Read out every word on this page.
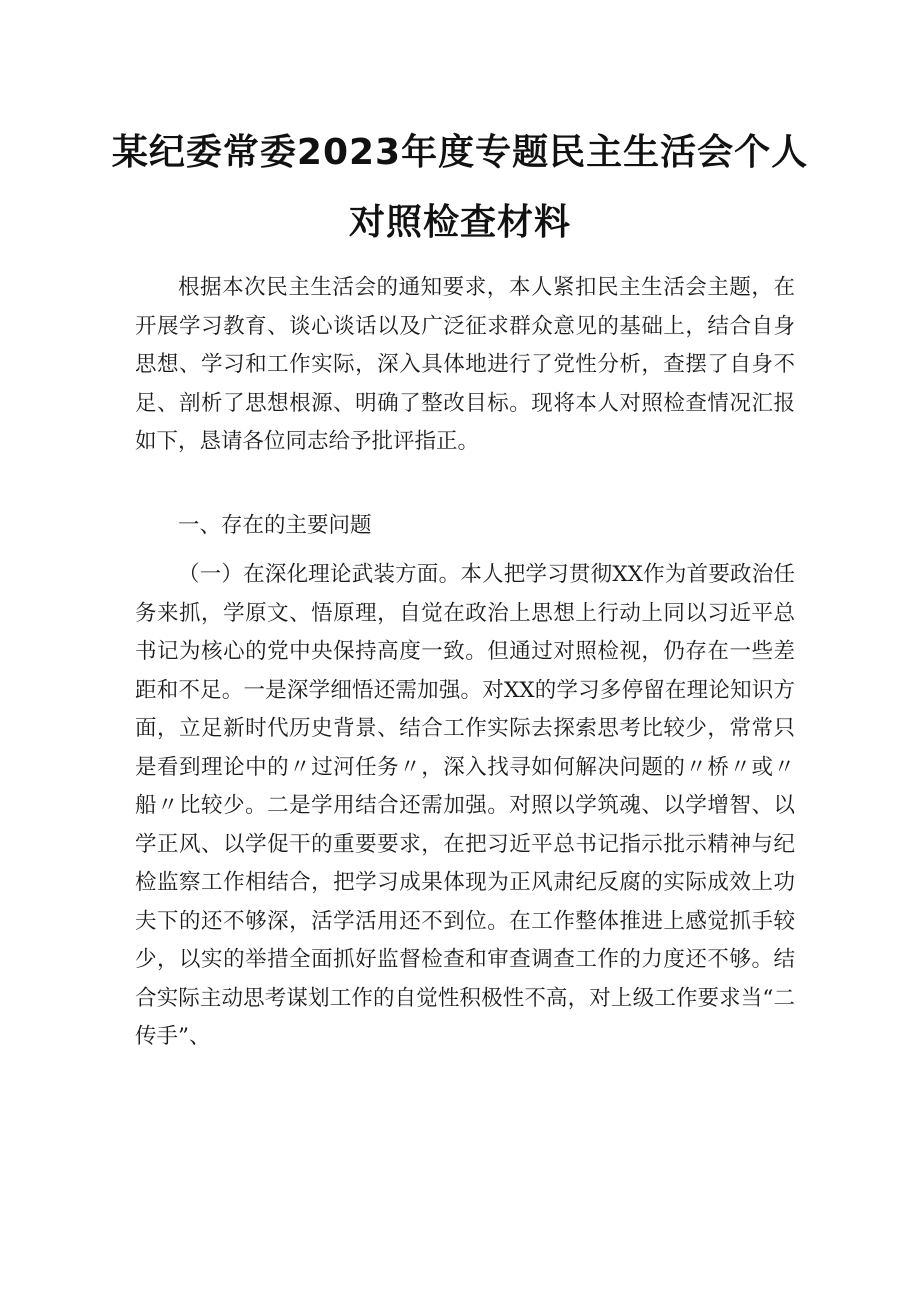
某纪委常委2023年度专题民主生活会个人
对照检查材料

根据本次民主生活会的通知要求，本人紧扣民主生活会主题，在开展学习教育、谈心谈话以及广泛征求群众意见的基础上，结合自身思想、学习和工作实际，深入具体地进行了党性分析，查摆了自身不足、剖析了思想根源、明确了整改目标。现将本人对照检查情况汇报如下，恳请各位同志给予批评指正。

一、存在的主要问题

（一）在深化理论武装方面。本人把学习贯彻XX作为首要政治任务来抓，学原文、悟原理，自觉在政治上思想上行动上同以习近平总书记为核心的党中央保持高度一致。但通过对照检视，仍存在一些差距和不足。一是深学细悟还需加强。对XX的学习多停留在理论知识方面，立足新时代历史背景、结合工作实际去探索思考比较少，常常只是看到理论中的〃过河任务〃，深入找寻如何解决问题的〃桥〃或〃船〃比较少。二是学用结合还需加强。对照以学筑魂、以学增智、以学正风、以学促干的重要要求，在把习近平总书记指示批示精神与纪检监察工作相结合，把学习成果体现为正风肃纪反腐的实际成效上功夫下的还不够深，活学活用还不到位。在工作整体推进上感觉抓手较少，以实的举措全面抓好监督检查和审查调查工作的力度还不够。结合实际主动思考谋划工作的自觉性积极性不高，对上级工作要求当“二传手”、
